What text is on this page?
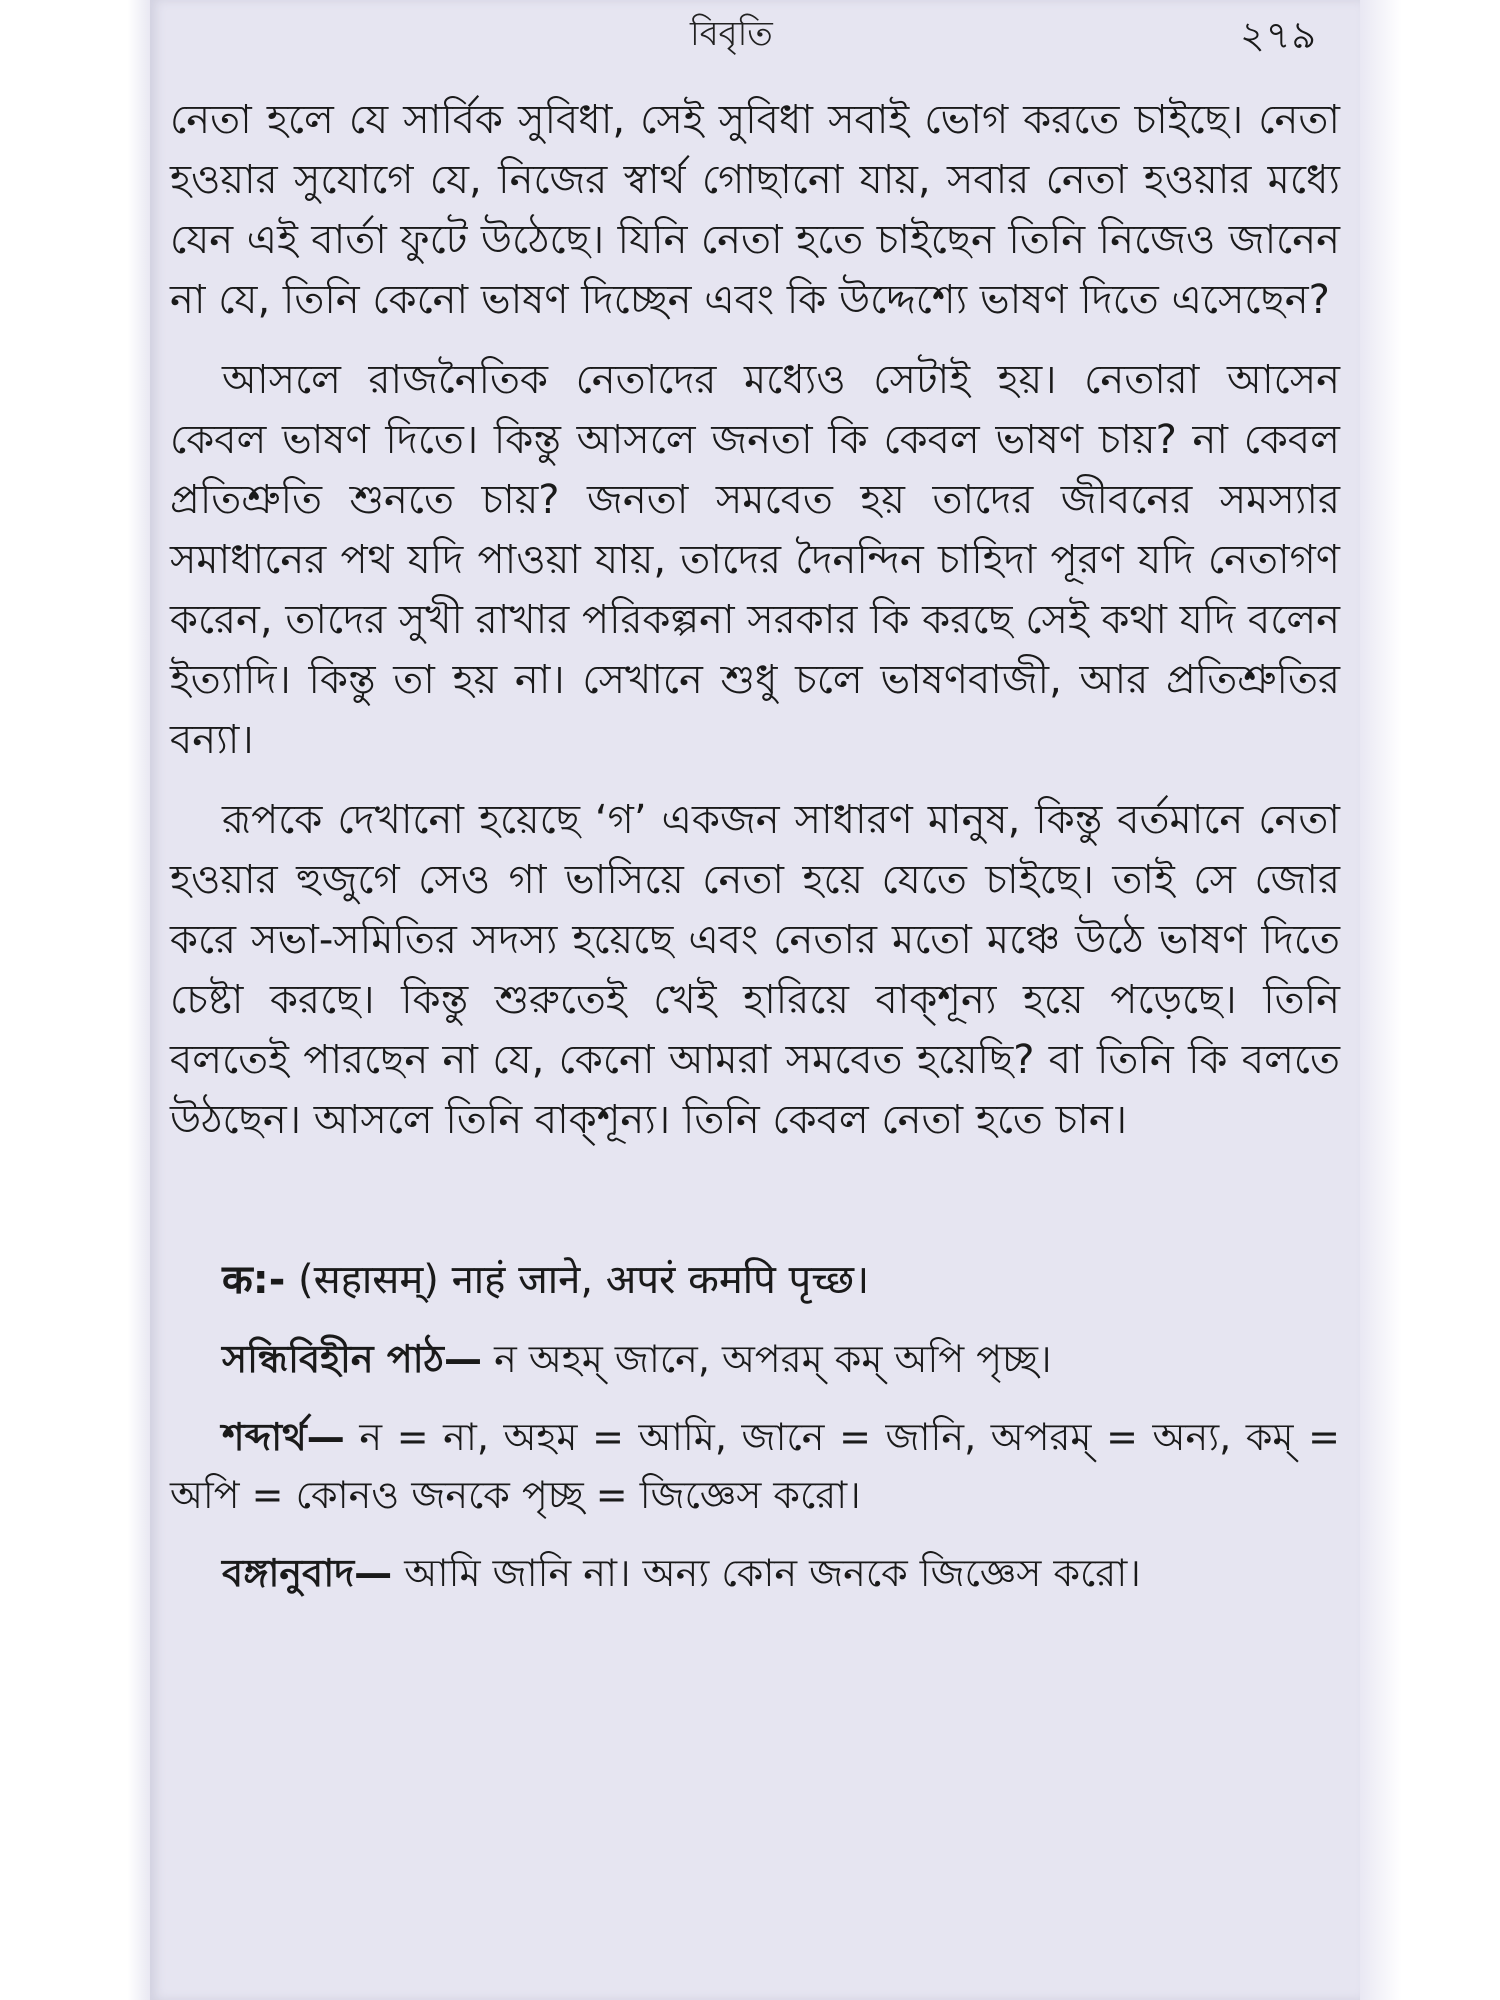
বিবৃতি	২৭৯

নেতা হলে যে সার্বিক সুবিধা, সেই সুবিধা সবাই ভোগ করতে চাইছে। নেতা হওয়ার সুযোগে যে, নিজের স্বার্থ গোছানো যায়, সবার নেতা হওয়ার মধ্যে যেন এই বার্তা ফুটে উঠেছে। যিনি নেতা হতে চাইছেন তিনি নিজেও জানেন না যে, তিনি কেনো ভাষণ দিচ্ছেন এবং কি উদ্দেশ্যে ভাষণ দিতে এসেছেন?

আসলে রাজনৈতিক নেতাদের মধ্যেও সেটাই হয়। নেতারা আসেন কেবল ভাষণ দিতে। কিন্তু আসলে জনতা কি কেবল ভাষণ চায়? না কেবল প্রতিশ্রুতি শুনতে চায়? জনতা সমবেত হয় তাদের জীবনের সমস্যার সমাধানের পথ যদি পাওয়া যায়, তাদের দৈনন্দিন চাহিদা পূরণ যদি নেতাগণ করেন, তাদের সুখী রাখার পরিকল্পনা সরকার কি করছে সেই কথা যদি বলেন ইত্যাদি। কিন্তু তা হয় না। সেখানে শুধু চলে ভাষণবাজী, আর প্রতিশ্রুতির বন্যা।

রূপকে দেখানো হয়েছে ‘গ’ একজন সাধারণ মানুষ, কিন্তু বর্তমানে নেতা হওয়ার হুজুগে সেও গা ভাসিয়ে নেতা হয়ে যেতে চাইছে। তাই সে জোর করে সভা-সমিতির সদস্য হয়েছে এবং নেতার মতো মঞ্চে উঠে ভাষণ দিতে চেষ্টা করছে। কিন্তু শুরুতেই খেই হারিয়ে বাক্‌শূন্য হয়ে পড়েছে। তিনি বলতেই পারছেন না যে, কেনো আমরা সমবেত হয়েছি? বা তিনি কি বলতে উঠছেন। আসলে তিনি বাক্‌শূন্য। তিনি কেবল নেতা হতে চান।

क:- (सहासम्) नाहं जाने, अपरं कमपि पृच्छ।

সন্ধিবিহীন পাঠ— ন অহম্ জানে, অপরম্ কম্ অপি পৃচ্ছ।

শব্দার্থ— ন = না, অহম = আমি, জানে = জানি, অপরম্ = অন্য, কম্ = অপি = কোনও জনকে পৃচ্ছ = জিজ্ঞেস করো।

বঙ্গানুবাদ— আমি জানি না। অন্য কোন জনকে জিজ্ঞেস করো।
